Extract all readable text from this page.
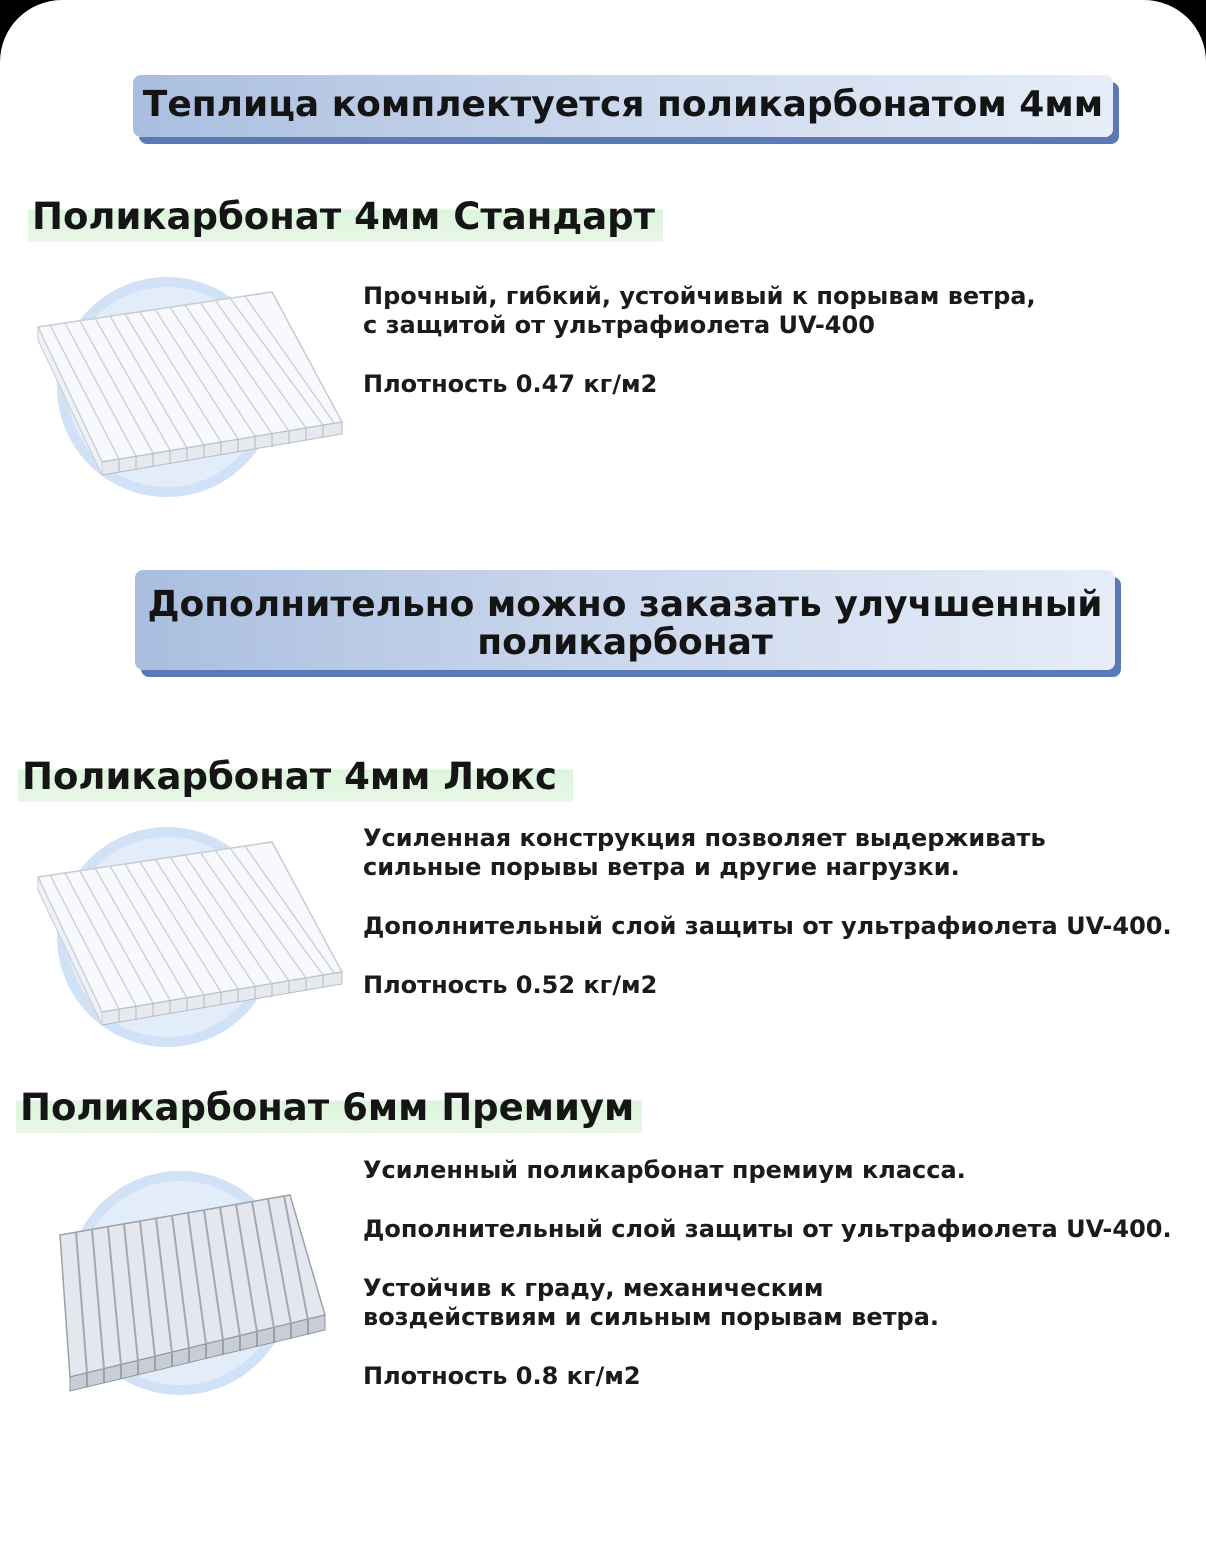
Теплица комплектуется поликарбонатом 4мм
Поликарбонат 4мм Стандарт

Прочный, гибкий, устойчивый к порывам ветра,

с защитой от ультрафиолета UV-400

Плотность 0.47 кг/м2

Дополнительно можно заказать улучшенный
поликарбонат
Поликарбонат 4мм Люкс

Усиленная конструкция позволяет выдерживать

сильные порывы ветра и другие нагрузки.

Дополнительный слой защиты от ультрафиолета UV-400.

Плотность 0.52 кг/м2

Поликарбонат 6мм Премиум

Усиленный поликарбонат премиум класса.

Дополнительный слой защиты от ультрафиолета UV-400.

Устойчив к граду, механическим

воздействиям и сильным порывам ветра.

Плотность 0.8 кг/м2
